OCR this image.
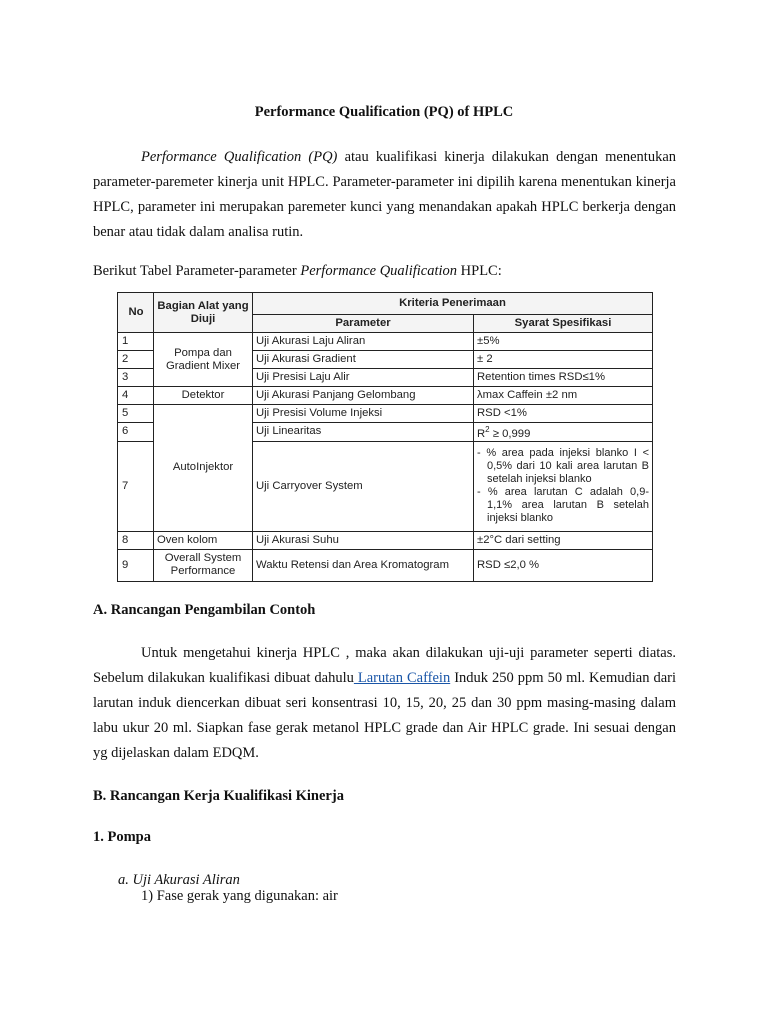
Performance Qualification (PQ) of HPLC
Performance Qualification (PQ) atau kualifikasi kinerja dilakukan dengan menentukan parameter-paremeter kinerja unit HPLC. Parameter-parameter ini dipilih karena menentukan kinerja HPLC, parameter ini merupakan paremeter kunci yang menandakan apakah HPLC berkerja dengan benar atau tidak dalam analisa rutin.
Berikut Tabel Parameter-parameter Performance Qualification HPLC:
No	Bagian Alat yang Diuji	Kriteria Penerimaan	
		Parameter	Syarat Spesifikasi
1	Pompa dan Gradient Mixer	Uji Akurasi Laju Aliran	±5%
2		Uji Akurasi Gradient	± 2
3		Uji Presisi Laju Alir	Retention times RSD≤1%
4	Detektor	Uji Akurasi Panjang Gelombang	λmax Caffein ±2 nm
5	AutoInjektor	Uji Presisi Volume Injeksi	RSD <1%
6		Uji Linearitas	$R^2 \ge 0,999$
7		Uji Carryover System	- % area pada injeksi blanko I < 0,5% dari 10 kali area larutan B setelah injeksi blanko
- % area larutan C adalah 0,9-1,1% area larutan B setelah injeksi blanko

8	Oven kolom	Uji Akurasi Suhu	±2°C dari setting
9	Overall System Performance	Waktu Retensi dan Area Kromatogram	RSD ≤2,0 %
A. Rancangan Pengambilan Contoh
Untuk mengetahui kinerja HPLC , maka akan dilakukan uji-uji parameter seperti diatas. Sebelum dilakukan kualifikasi dibuat dahulu Larutan Caffein Induk 250 ppm 50 ml. Kemudian dari larutan induk diencerkan dibuat seri konsentrasi 10, 15, 20, 25 dan 30 ppm masing-masing dalam labu ukur 20 ml. Siapkan fase gerak metanol HPLC grade dan Air HPLC grade. Ini sesuai dengan yg dijelaskan dalam EDQM.
B. Rancangan Kerja Kualifikasi Kinerja
1. Pompa
a. Uji Akurasi Aliran
1) Fase gerak yang digunakan: air
